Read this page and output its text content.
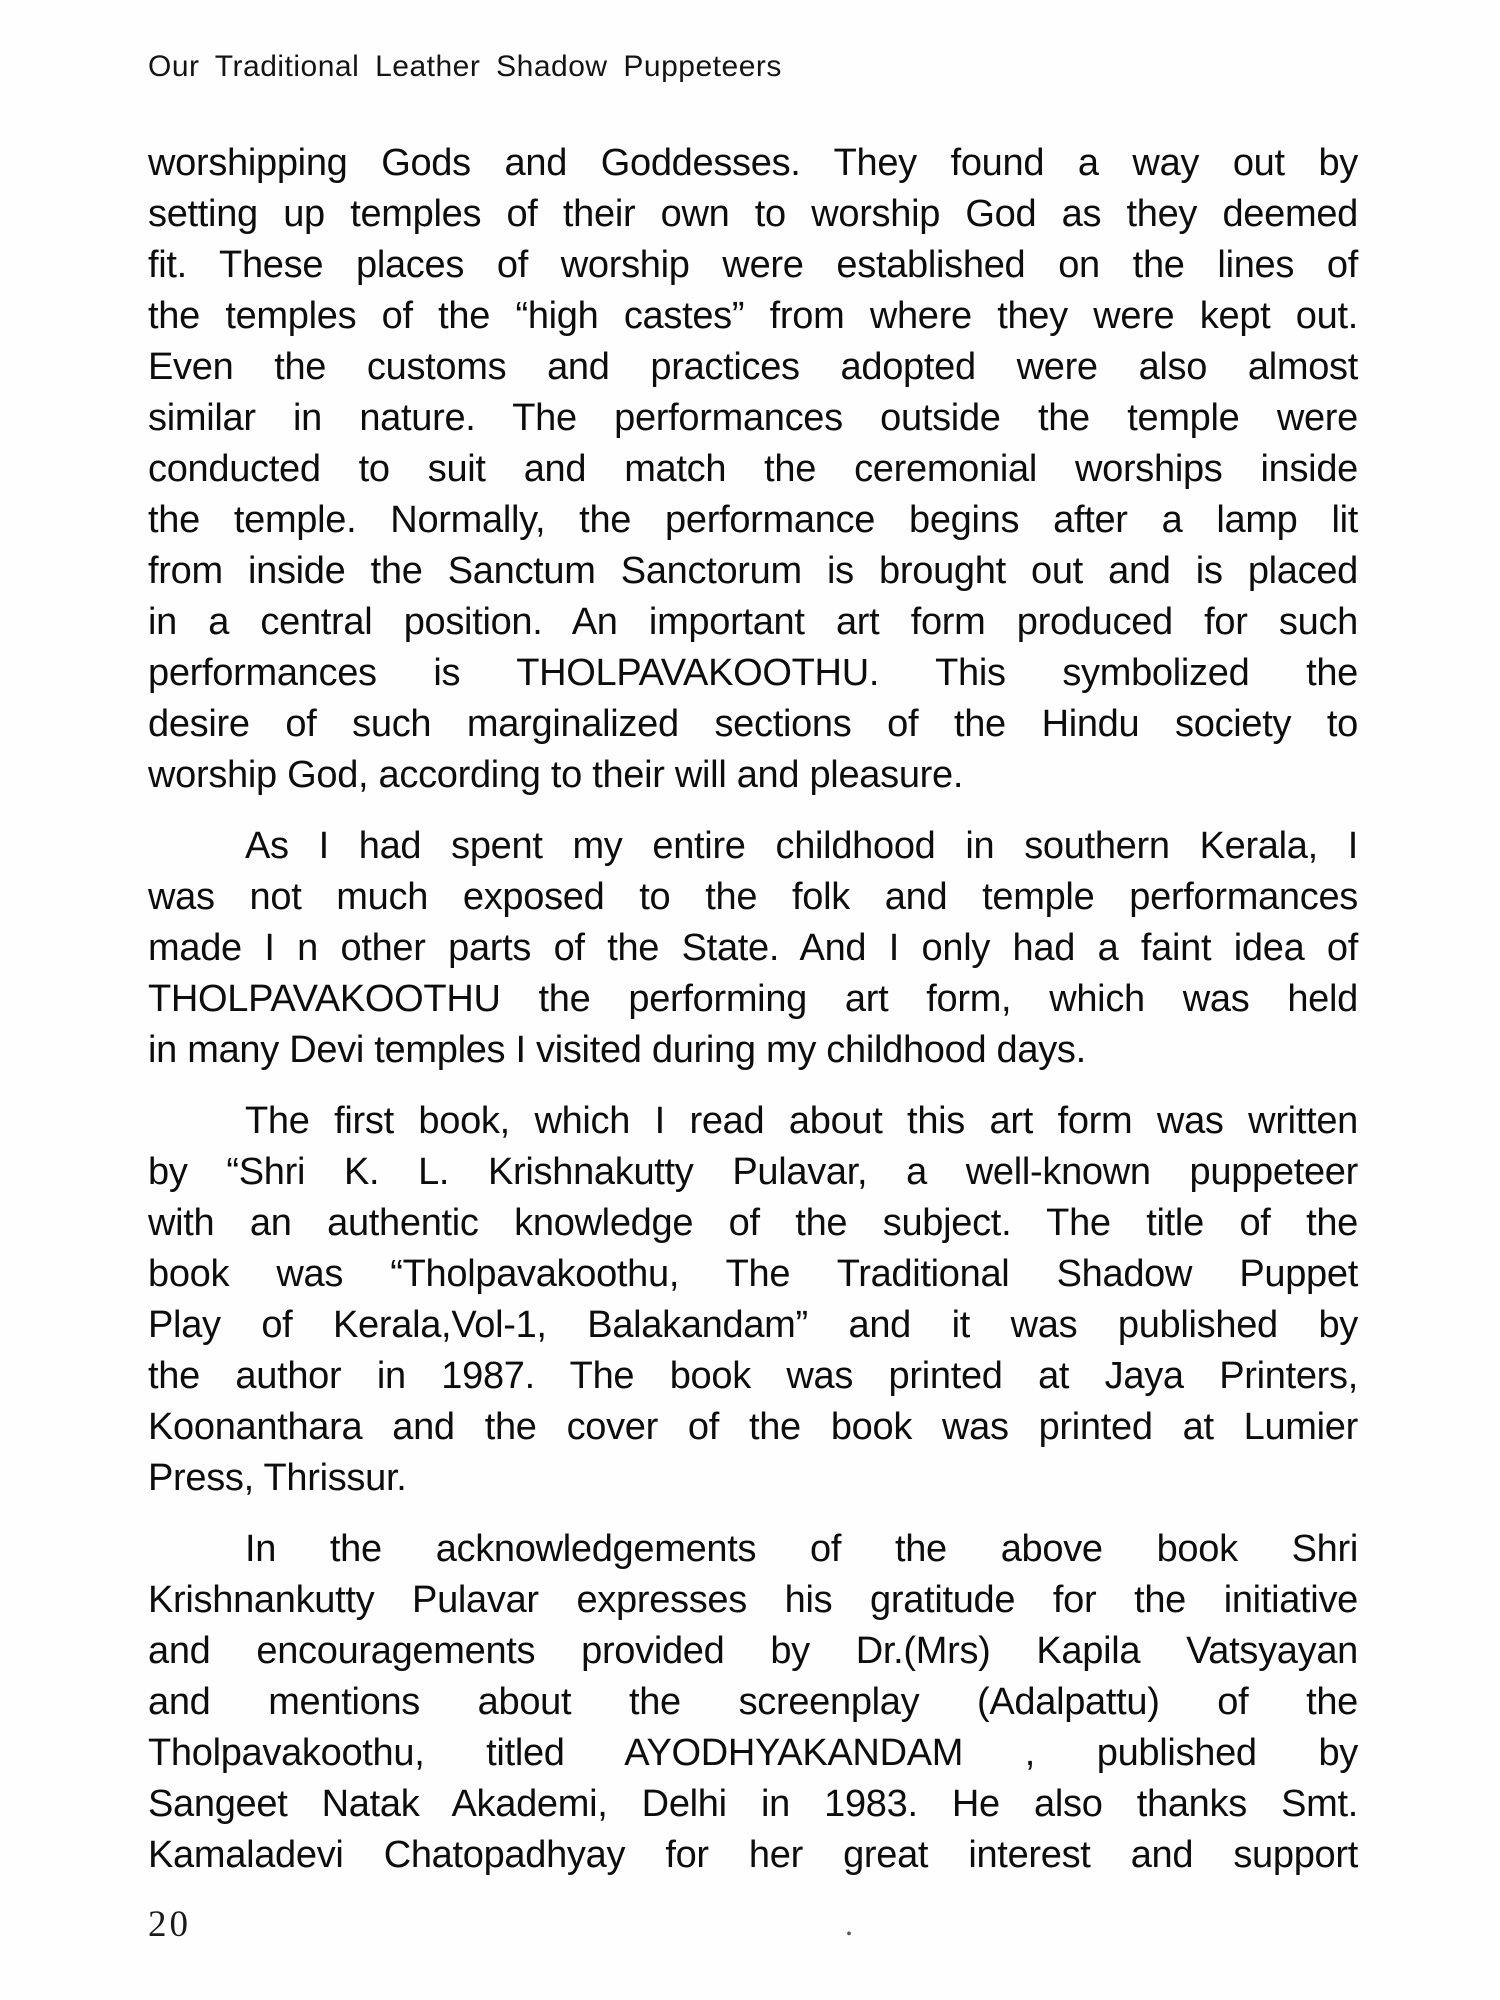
Our Traditional Leather Shadow Puppeteers
worshipping Gods and Goddesses. They found a way out by
setting up temples of their own to worship God as they deemed
fit. These places of worship were established on the lines of
the temples of the “high castes” from where they were kept out.
Even the customs and practices adopted were also almost
similar in nature. The performances outside the temple were
conducted to suit and match the ceremonial worships inside
the temple. Normally, the performance begins after a lamp lit
from inside the Sanctum Sanctorum is brought out and is placed
in a central position. An important art form produced for such
performances is THOLPAVAKOOTHU. This symbolized the
desire of such marginalized sections of the Hindu society to
worship God, according to their will and pleasure.
As I had spent my entire childhood in southern Kerala, I
was not much exposed to the folk and temple performances
made I n other parts of the State. And I only had a faint idea of
THOLPAVAKOOTHU the performing art form, which was held
in many Devi temples I visited during my childhood days.
The first book, which I read about this art form was written
by “Shri K. L. Krishnakutty Pulavar, a well-known puppeteer
with an authentic knowledge of the subject. The title of the
book was “Tholpavakoothu, The Traditional Shadow Puppet
Play of Kerala,Vol-1, Balakandam” and it was published by
the author in 1987. The book was printed at Jaya Printers,
Koonanthara and the cover of the book was printed at Lumier
Press, Thrissur.
In the acknowledgements of the above book Shri
Krishnankutty Pulavar expresses his gratitude for the initiative
and encouragements provided by Dr.(Mrs) Kapila Vatsyayan
and mentions about the screenplay (Adalpattu) of the
Tholpavakoothu, titled AYODHYAKANDAM , published by
Sangeet Natak Akademi, Delhi in 1983. He also thanks Smt.
Kamaladevi Chatopadhyay for her great interest and support
20	.
